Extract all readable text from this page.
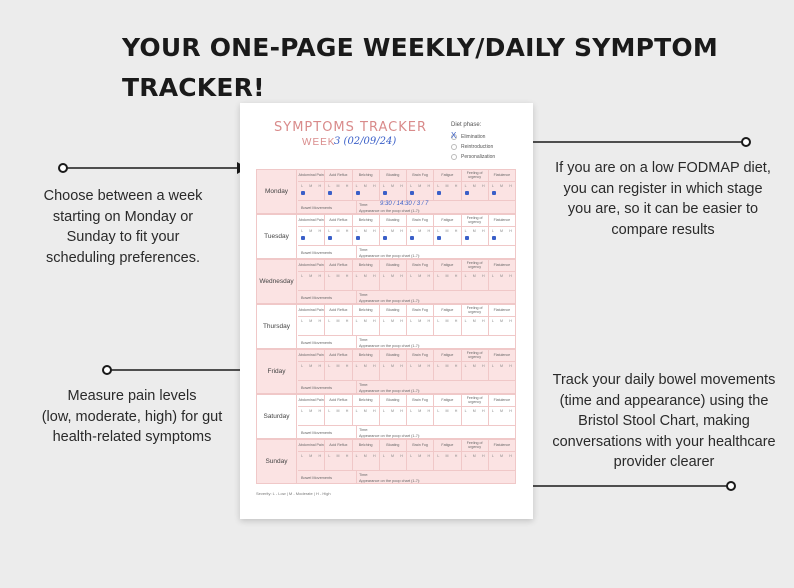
YOUR ONE-PAGE WEEKLY/DAILY SYMPTOM
TRACKER!
Choose between a week
starting on Monday or
Sunday to fit your
scheduling preferences.
Measure pain levels
(low, moderate, high) for gut
health-related symptoms
If you are on a low FODMAP diet,
you can register in which stage
you are, so it can be easier to
compare results
Track your daily bowel movements
(time and appearance) using the
Bristol Stool Chart, making
conversations with your healthcare
provider clearer
SYMPTOMS TRACKER
WEEK
3 (02/09/24)
Diet phase:
X Elimination
Reintroduction
Personalization
Monday
Abdominal Pain
L M H
Acid Reflux
L M H
Belching
L M H
Bloating
L M H
Brain Fog
L M H
Fatigue
L M H
Feeling of urgency
L M H
Flatulence
L M H
Bowel Movements
Time:
Appearance on the poop chart (1-7):
9:30 / 14:30 / 3 / 7
Tuesday
Abdominal Pain
L M H
Acid Reflux
L M H
Belching
L M H
Bloating
L M H
Brain Fog
L M H
Fatigue
L M H
Feeling of urgency
L M H
Flatulence
L M H
Bowel Movements
Time:
Appearance on the poop chart (1-7):
Wednesday
Abdominal Pain
L M H
Acid Reflux
L M H
Belching
L M H
Bloating
L M H
Brain Fog
L M H
Fatigue
L M H
Feeling of urgency
L M H
Flatulence
L M H
Bowel Movements
Time:
Appearance on the poop chart (1-7):
Thursday
Abdominal Pain
L M H
Acid Reflux
L M H
Belching
L M H
Bloating
L M H
Brain Fog
L M H
Fatigue
L M H
Feeling of urgency
L M H
Flatulence
L M H
Bowel Movements
Time:
Appearance on the poop chart (1-7):
Friday
Abdominal Pain
L M H
Acid Reflux
L M H
Belching
L M H
Bloating
L M H
Brain Fog
L M H
Fatigue
L M H
Feeling of urgency
L M H
Flatulence
L M H
Bowel Movements
Time:
Appearance on the poop chart (1-7):
Saturday
Abdominal Pain
L M H
Acid Reflux
L M H
Belching
L M H
Bloating
L M H
Brain Fog
L M H
Fatigue
L M H
Feeling of urgency
L M H
Flatulence
L M H
Bowel Movements
Time:
Appearance on the poop chart (1-7):
Sunday
Abdominal Pain
L M H
Acid Reflux
L M H
Belching
L M H
Bloating
L M H
Brain Fog
L M H
Fatigue
L M H
Feeling of urgency
L M H
Flatulence
L M H
Bowel Movements
Time:
Appearance on the poop chart (1-7):
Severity: L - Low | M - Moderate | H - High
